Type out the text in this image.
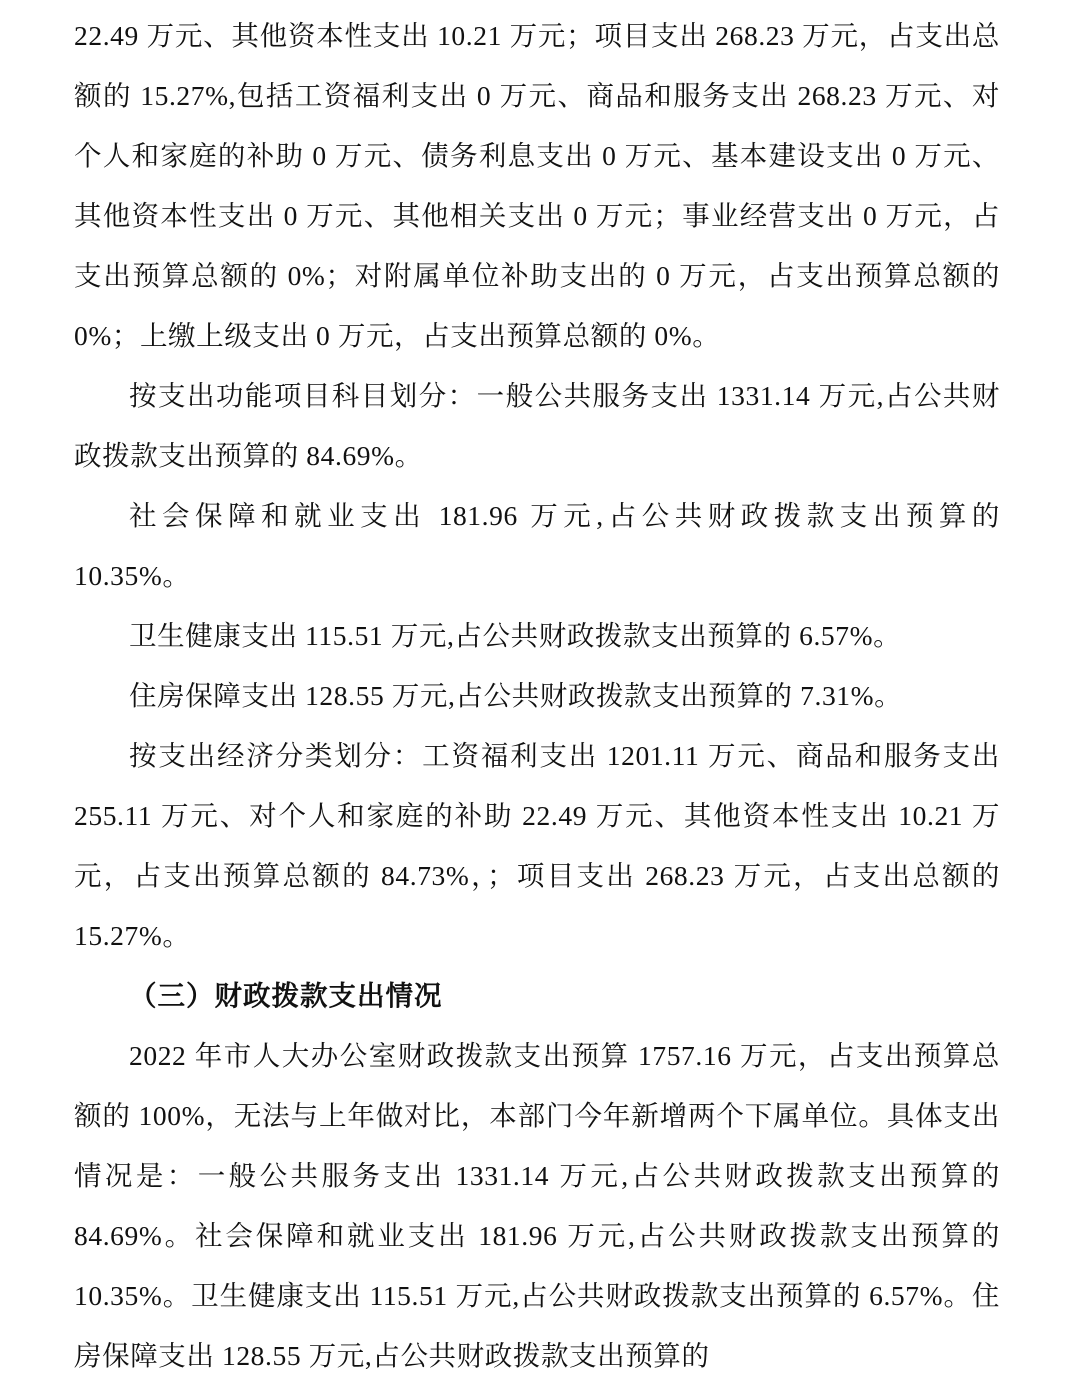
22.49 万元、其他资本性支出 10.21 万元；项目支出 268.23 万元，占支出总额的 15.27%,包括工资福利支出 0 万元、商品和服务支出 268.23 万元、对个人和家庭的补助 0 万元、债务利息支出 0 万元、基本建设支出 0 万元、其他资本性支出 0 万元、其他相关支出 0 万元；事业经营支出 0 万元，占支出预算总额的 0%；对附属单位补助支出的 0 万元，占支出预算总额的 0%；上缴上级支出 0 万元，占支出预算总额的 0%。

按支出功能项目科目划分：一般公共服务支出 1331.14 万元,占公共财政拨款支出预算的 84.69%。

社会保障和就业支出 181.96 万元,占公共财政拨款支出预算的 10.35%。

卫生健康支出 115.51 万元,占公共财政拨款支出预算的 6.57%。

住房保障支出 128.55 万元,占公共财政拨款支出预算的 7.31%。

按支出经济分类划分：工资福利支出 1201.11 万元、商品和服务支出 255.11 万元、对个人和家庭的补助 22.49 万元、其他资本性支出 10.21 万元，占支出预算总额的 84.73%，；项目支出 268.23 万元，占支出总额的 15.27%。

（三）财政拨款支出情况

2022 年市人大办公室财政拨款支出预算 1757.16 万元，占支出预算总额的 100%，无法与上年做对比，本部门今年新增两个下属单位。具体支出情况是：一般公共服务支出 1331.14 万元,占公共财政拨款支出预算的 84.69%。社会保障和就业支出 181.96 万元,占公共财政拨款支出预算的 10.35%。卫生健康支出 115.51 万元,占公共财政拨款支出预算的 6.57%。住房保障支出 128.55 万元,占公共财政拨款支出预算的
